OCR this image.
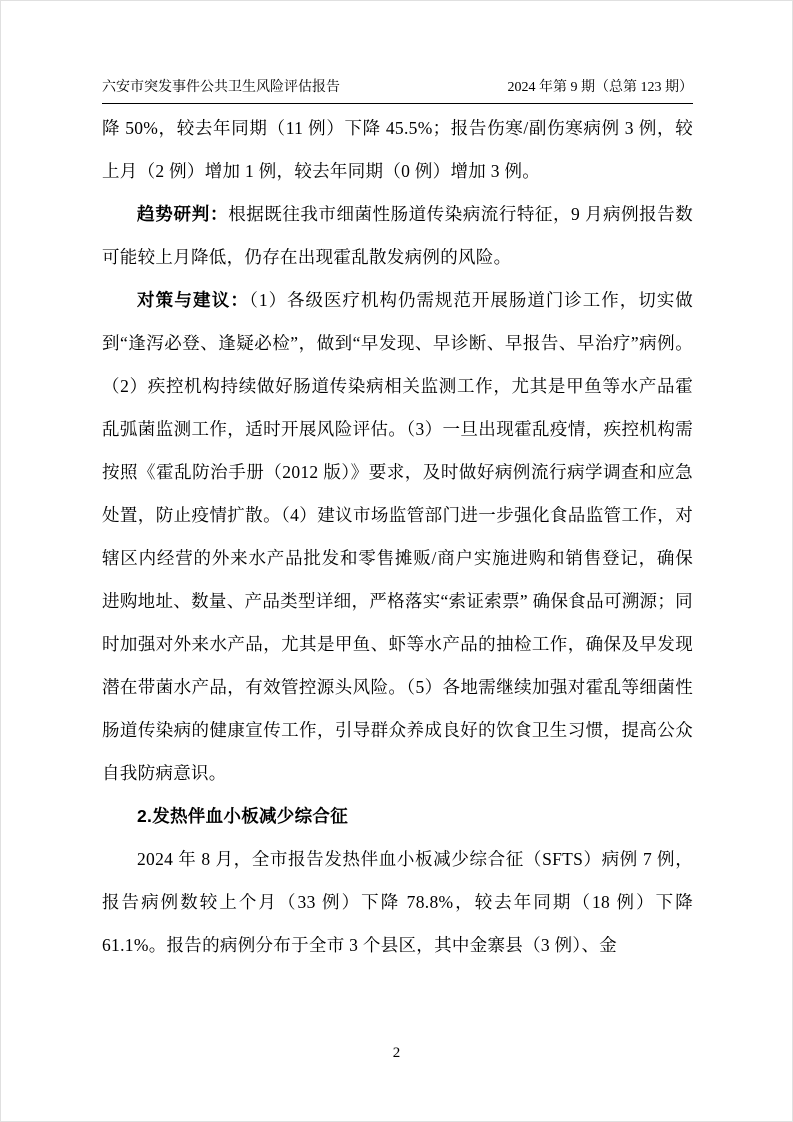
六安市突发事件公共卫生风险评估报告	2024 年第 9 期（总第 123 期）

降 50%，较去年同期（11 例）下降 45.5%；报告伤寒/副伤寒病例 3 例，较上月（2 例）增加 1 例，较去年同期（0 例）增加 3 例。

趋势研判：根据既往我市细菌性肠道传染病流行特征，9 月病例报告数可能较上月降低，仍存在出现霍乱散发病例的风险。

对策与建议：（1）各级医疗机构仍需规范开展肠道门诊工作，切实做到“逢泻必登、逢疑必检”，做到“早发现、早诊断、早报告、早治疗”病例。（2）疾控机构持续做好肠道传染病相关监测工作，尤其是甲鱼等水产品霍乱弧菌监测工作，适时开展风险评估。（3）一旦出现霍乱疫情，疾控机构需按照《霍乱防治手册（2012 版）》要求，及时做好病例流行病学调查和应急处置，防止疫情扩散。（4）建议市场监管部门进一步强化食品监管工作，对辖区内经营的外来水产品批发和零售摊贩/商户实施进购和销售登记，确保进购地址、数量、产品类型详细，严格落实“索证索票” 确保食品可溯源；同时加强对外来水产品，尤其是甲鱼、虾等水产品的抽检工作，确保及早发现潜在带菌水产品，有效管控源头风险。（5）各地需继续加强对霍乱等细菌性肠道传染病的健康宣传工作，引导群众养成良好的饮食卫生习惯，提高公众自我防病意识。

2.发热伴血小板减少综合征

2024 年 8 月，全市报告发热伴血小板减少综合征（SFTS）病例 7 例，报告病例数较上个月（33 例）下降 78.8%，较去年同期（18 例）下降 61.1%。报告的病例分布于全市 3 个县区，其中金寨县（3 例）、金

2
